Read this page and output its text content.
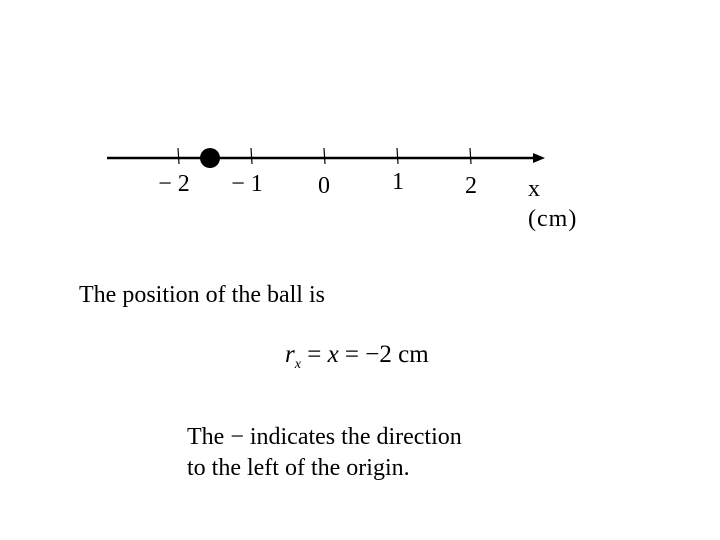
− 2 − 1 0	1	2 x
(cm)
The position of the ball is
$r_x = x = -2$ cm
The − indicates the direction
to the left of the origin.
